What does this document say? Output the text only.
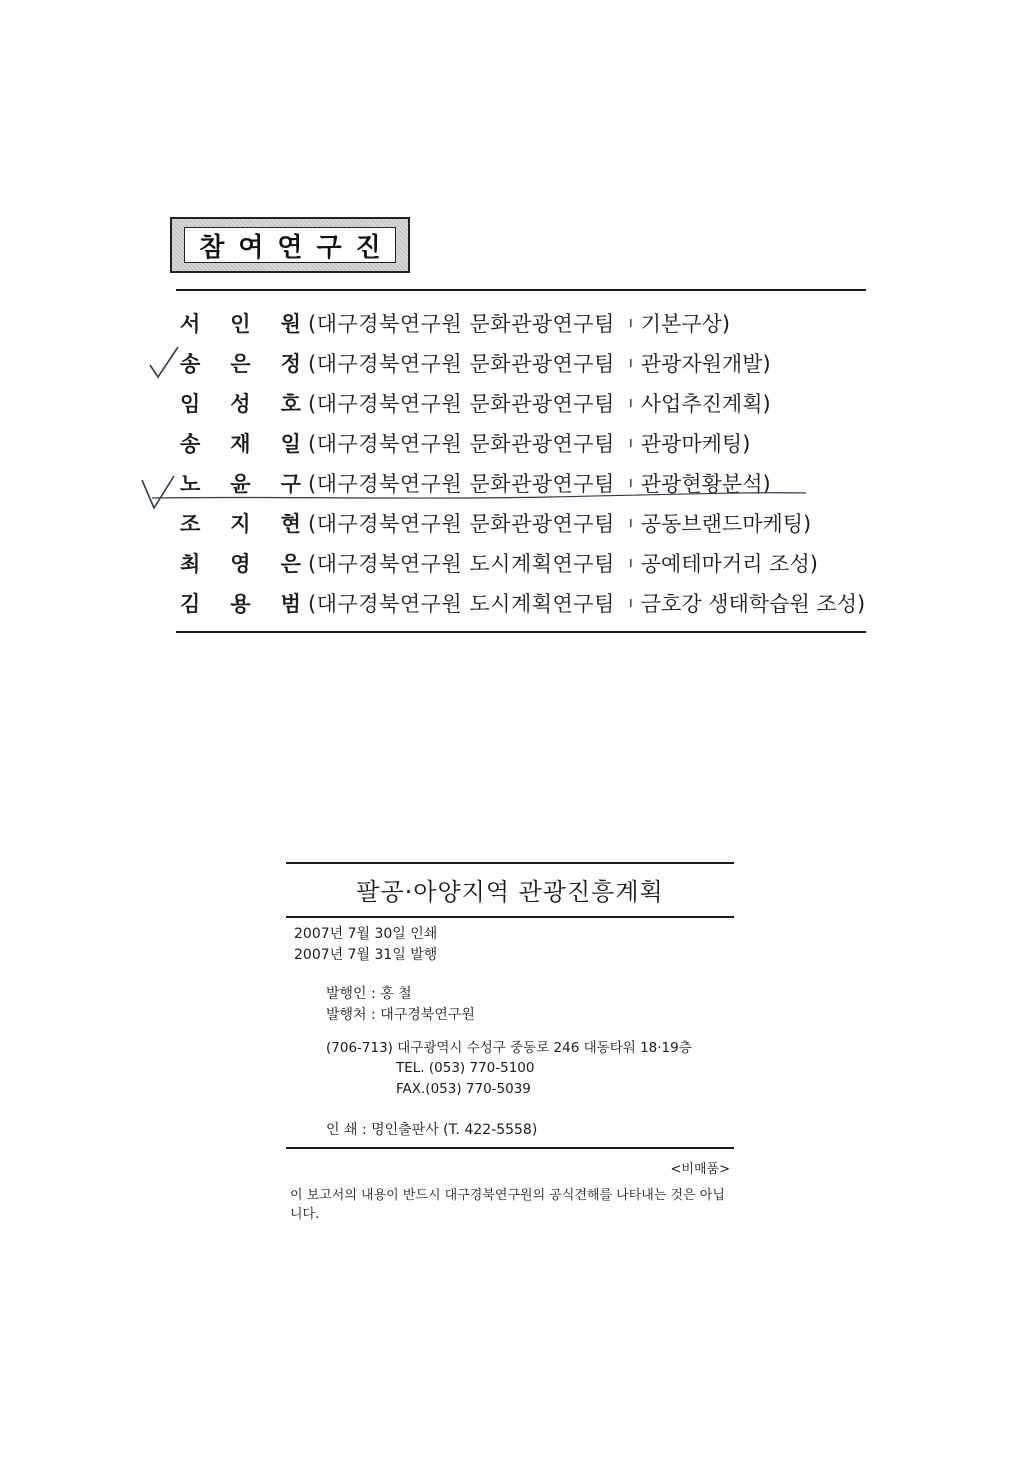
참여연구진
서인원
(대구경북연구원 문화관광연구팀 ı 기본구상)
송은정
(대구경북연구원 문화관광연구팀 ı 관광자원개발)
임성호
(대구경북연구원 문화관광연구팀 ı 사업추진계획)
송재일
(대구경북연구원 문화관광연구팀 ı 관광마케팅)
노윤구
(대구경북연구원 문화관광연구팀 ı 관광현황분석)
조지현
(대구경북연구원 문화관광연구팀 ı 공동브랜드마케팅)
최영은
(대구경북연구원 도시계획연구팀 ı 공예테마거리 조성)
김용범
(대구경북연구원 도시계획연구팀 ı 금호강 생태학습원 조성)
팔공·아양지역 관광진흥계획
2007년 7월 30일 인쇄
2007년 7월 31일 발행
발행인 : 홍 철
발행처 : 대구경북연구원
(706-713) 대구광역시 수성구 중동로 246 대동타워 18·19층
TEL. (053) 770-5100
FAX.(053) 770-5039
인 쇄 : 명인출판사 (T. 422-5558)
<비매품>
이 보고서의 내용이 반드시 대구경북연구원의 공식견해를 나타내는 것은 아닙니다.
